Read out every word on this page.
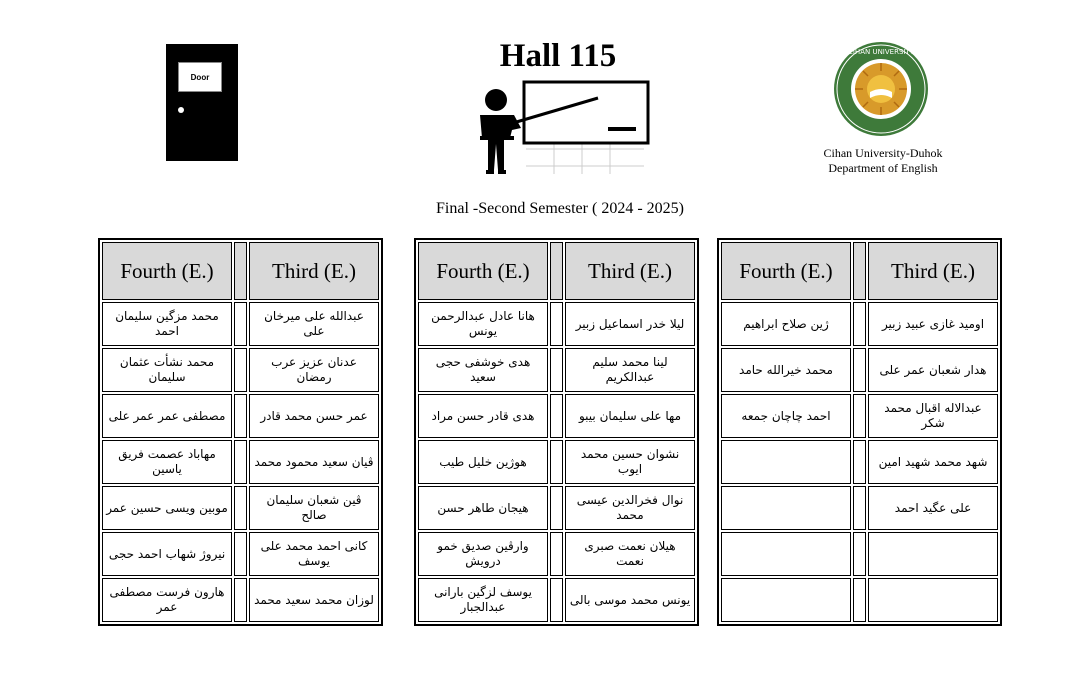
Door
Hall 115	CIHAN UNIVERSITY
Cihan University-Duhok
Department of English
Final -Second Semester ( 2024 - 2025)
Fourth (E.)		Third (E.)
محمد مزگین سلیمان احمد		عبدالله علی میرخان علی
محمد نشأت عثمان سلیمان		عدنان عزیز عرب رمضان
مصطفی عمر عمر علی		عمر حسن محمد قادر
مهاباد عصمت فریق یاسین		ڤیان سعید محمود محمد
موبین ویسی حسین عمر		ڤین شعبان سلیمان صالح
نیروژ شهاب احمد حجی		کانی احمد محمد علی یوسف
هارون فرست مصطفی عمر		لوزان محمد سعید محمد
Fourth (E.)		Third (E.)
هانا عادل عبدالرحمن یونس		لیلا خدر اسماعیل زبیر
هدی خوشفی حجی سعید		لینا محمد سلیم عبدالکریم
هدی قادر حسن مراد		مها علی سلیمان بیبو
هوژین خلیل طیب		نشوان حسین محمد ایوب
هیجان طاهر حسن		نوال فخرالدین عیسی محمد
وارڤین صدیق خمو درویش		هیلان نعمت صبری نعمت
یوسف لزگین بارانی عبدالجبار		یونس محمد موسی بالی
Fourth (E.)		Third (E.)
ژین صلاح ابراهیم		اومید غازی عبید زبیر
محمد خیرالله حامد		هدار شعبان عمر علی
احمد چاچان جمعه		عبدالاله اقبال محمد شکر
		شهد محمد شهید امین
		علی عگید احمد
